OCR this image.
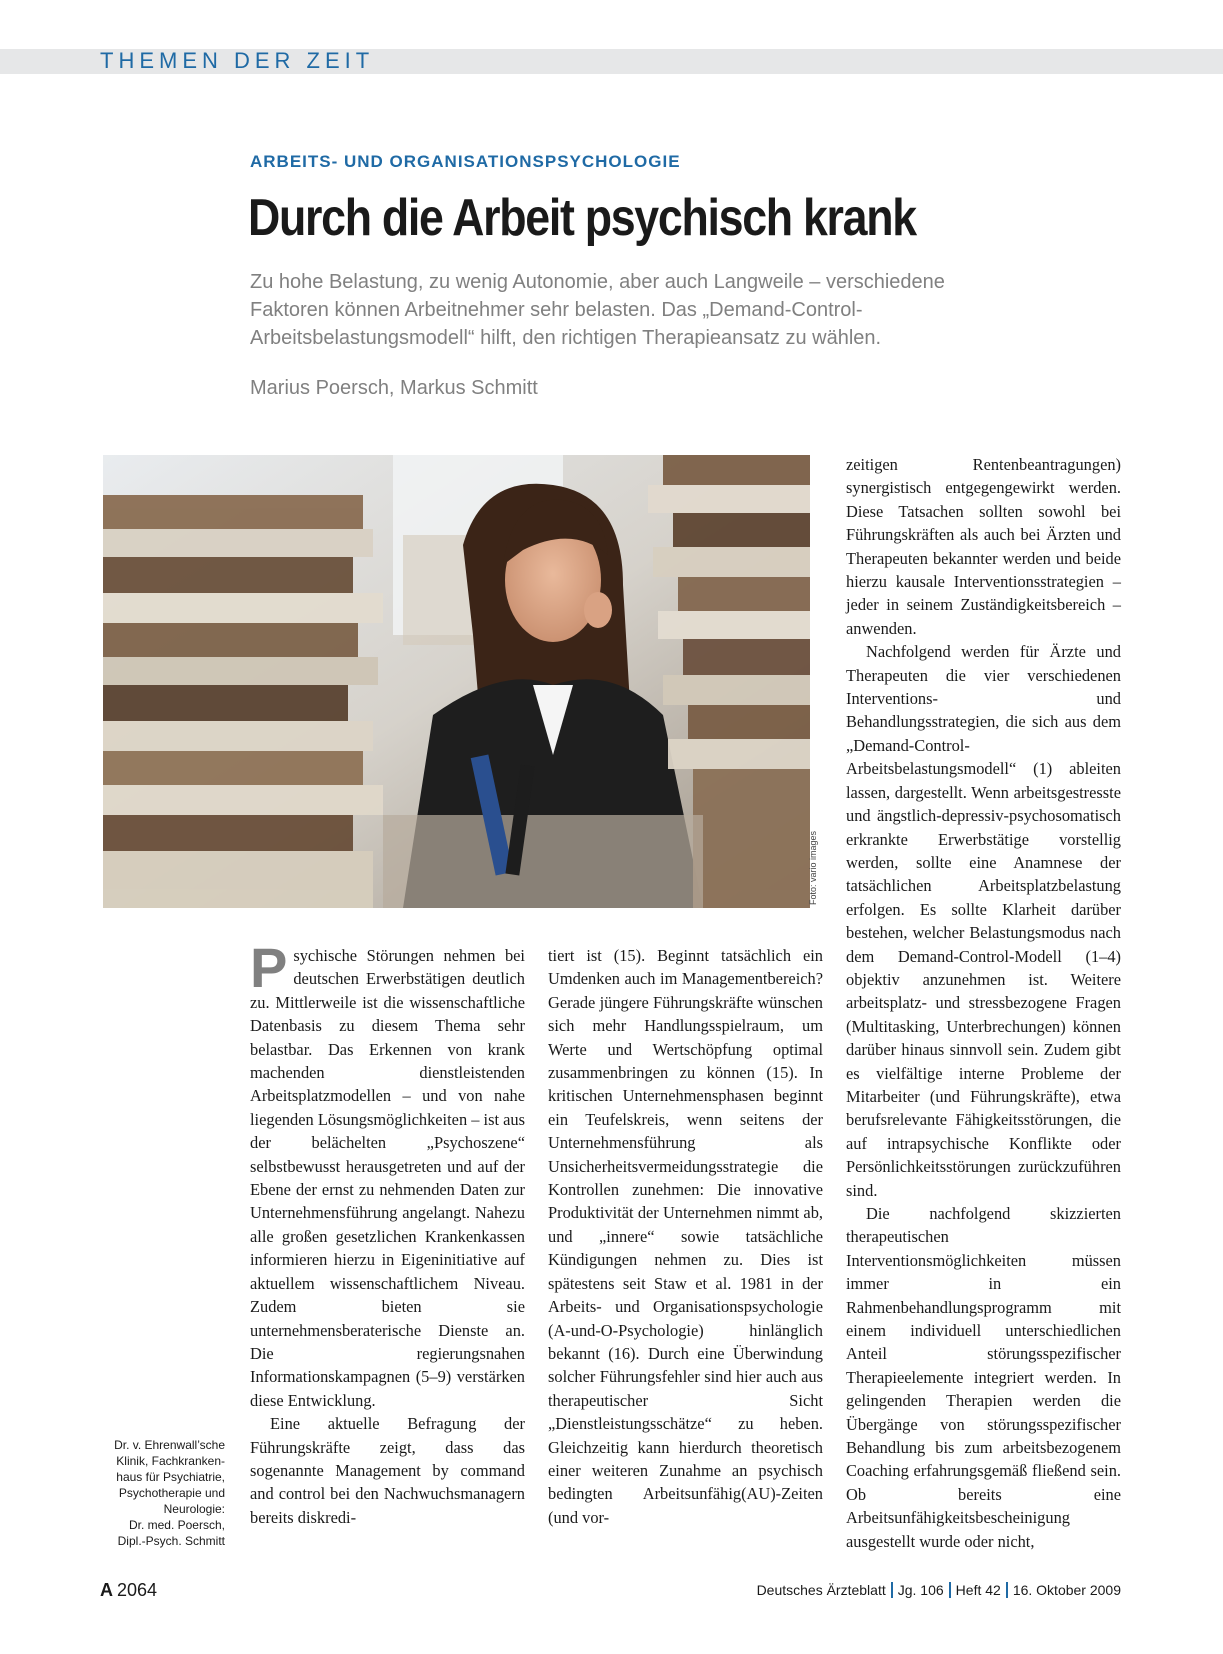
THEMEN DER ZEIT
ARBEITS- UND ORGANISATIONSPSYCHOLOGIE
Durch die Arbeit psychisch krank
Zu hohe Belastung, zu wenig Autonomie, aber auch Langweile – verschiedene
Faktoren können Arbeitnehmer sehr belasten. Das „Demand-Control-
Arbeitsbelastungsmodell“ hilft, den richtigen Therapieansatz zu wählen.
Marius Poersch, Markus Schmitt
Foto: vario images

Psychische Störungen nehmen bei deutschen Erwerbstätigen deutlich zu. Mittlerweile ist die wissenschaftliche Datenbasis zu diesem Thema sehr belastbar. Das Erkennen von krank machenden dienstleistenden Arbeitsplatzmodellen – und von nahe liegenden Lösungsmöglichkeiten – ist aus der belächelten „Psychoszene“ selbstbewusst herausgetreten und auf der Ebene der ernst zu nehmenden Daten zur Unternehmensführung angelangt. Nahezu alle großen gesetzlichen Krankenkassen informieren hierzu in Eigeninitiative auf aktuellem wissenschaftlichem Niveau. Zudem bieten sie unternehmensberaterische Dienste an. Die regierungsnahen Informationskampagnen (5–9) verstärken diese Entwicklung.

Eine aktuelle Befragung der Führungskräfte zeigt, dass das sogenannte Management by command and control bei den Nachwuchsmanagern bereits diskredi-

tiert ist (15). Beginnt tatsächlich ein Umdenken auch im Managementbereich? Gerade jüngere Führungskräfte wünschen sich mehr Handlungsspielraum, um Werte und Wertschöpfung optimal zusammenbringen zu können (15). In kritischen Unternehmensphasen beginnt ein Teufelskreis, wenn seitens der Unternehmensführung als Unsicherheitsvermeidungsstrategie die Kontrollen zunehmen: Die innovative Produktivität der Unternehmen nimmt ab, und „innere“ sowie tatsächliche Kündigungen nehmen zu. Dies ist spätestens seit Staw et al. 1981 in der Arbeits- und Organisationspsychologie (A-und-O-Psychologie) hinlänglich bekannt (16). Durch eine Überwindung solcher Führungsfehler sind hier auch aus therapeutischer Sicht „Dienstleistungsschätze“ zu heben. Gleichzeitig kann hierdurch theoretisch einer weiteren Zunahme an psychisch bedingten Arbeitsunfähig(AU)-Zeiten (und vor-

zeitigen Rentenbeantragungen) synergistisch entgegengewirkt werden. Diese Tatsachen sollten sowohl bei Führungskräften als auch bei Ärzten und Therapeuten bekannter werden und beide hierzu kausale Interventionsstrategien – jeder in seinem Zuständigkeitsbereich – anwenden.

Nachfolgend werden für Ärzte und Therapeuten die vier verschiedenen Interventions- und Behandlungsstrategien, die sich aus dem „Demand-Control-Arbeitsbelastungsmodell“ (1) ableiten lassen, dargestellt. Wenn arbeitsgestresste und ängstlich-depressiv-psychosomatisch erkrankte Erwerbstätige vorstellig werden, sollte eine Anamnese der tatsächlichen Arbeitsplatzbelastung erfolgen. Es sollte Klarheit darüber bestehen, welcher Belastungsmodus nach dem Demand-Control-Modell (1–4) objektiv anzunehmen ist. Weitere arbeitsplatz- und stressbezogene Fragen (Multitasking, Unterbrechungen) können darüber hinaus sinnvoll sein. Zudem gibt es vielfältige interne Probleme der Mitarbeiter (und Führungskräfte), etwa berufsrelevante Fähigkeitsstörungen, die auf intrapsychische Konflikte oder Persönlichkeitsstörungen zurückzuführen sind.

Die nachfolgend skizzierten therapeutischen Interventionsmöglichkeiten müssen immer in ein Rahmenbehandlungsprogramm mit einem individuell unterschiedlichen Anteil störungsspezifischer Therapieelemente integriert werden. In gelingenden Therapien werden die Übergänge von störungsspezifischer Behandlung bis zum arbeitsbezogenem Coaching erfahrungsgemäß fließend sein. Ob bereits eine Arbeitsunfähigkeitsbescheinigung ausgestellt wurde oder nicht,

Dr. v. Ehrenwall’sche
Klinik, Fachkranken-
haus für Psychiatrie,
Psychotherapie und
Neurologie:
Dr. med. Poersch,
Dipl.-Psych. Schmitt
A 2064	Deutsches Ärzteblatt Jg. 106 Heft 42 16. Oktober 2009
